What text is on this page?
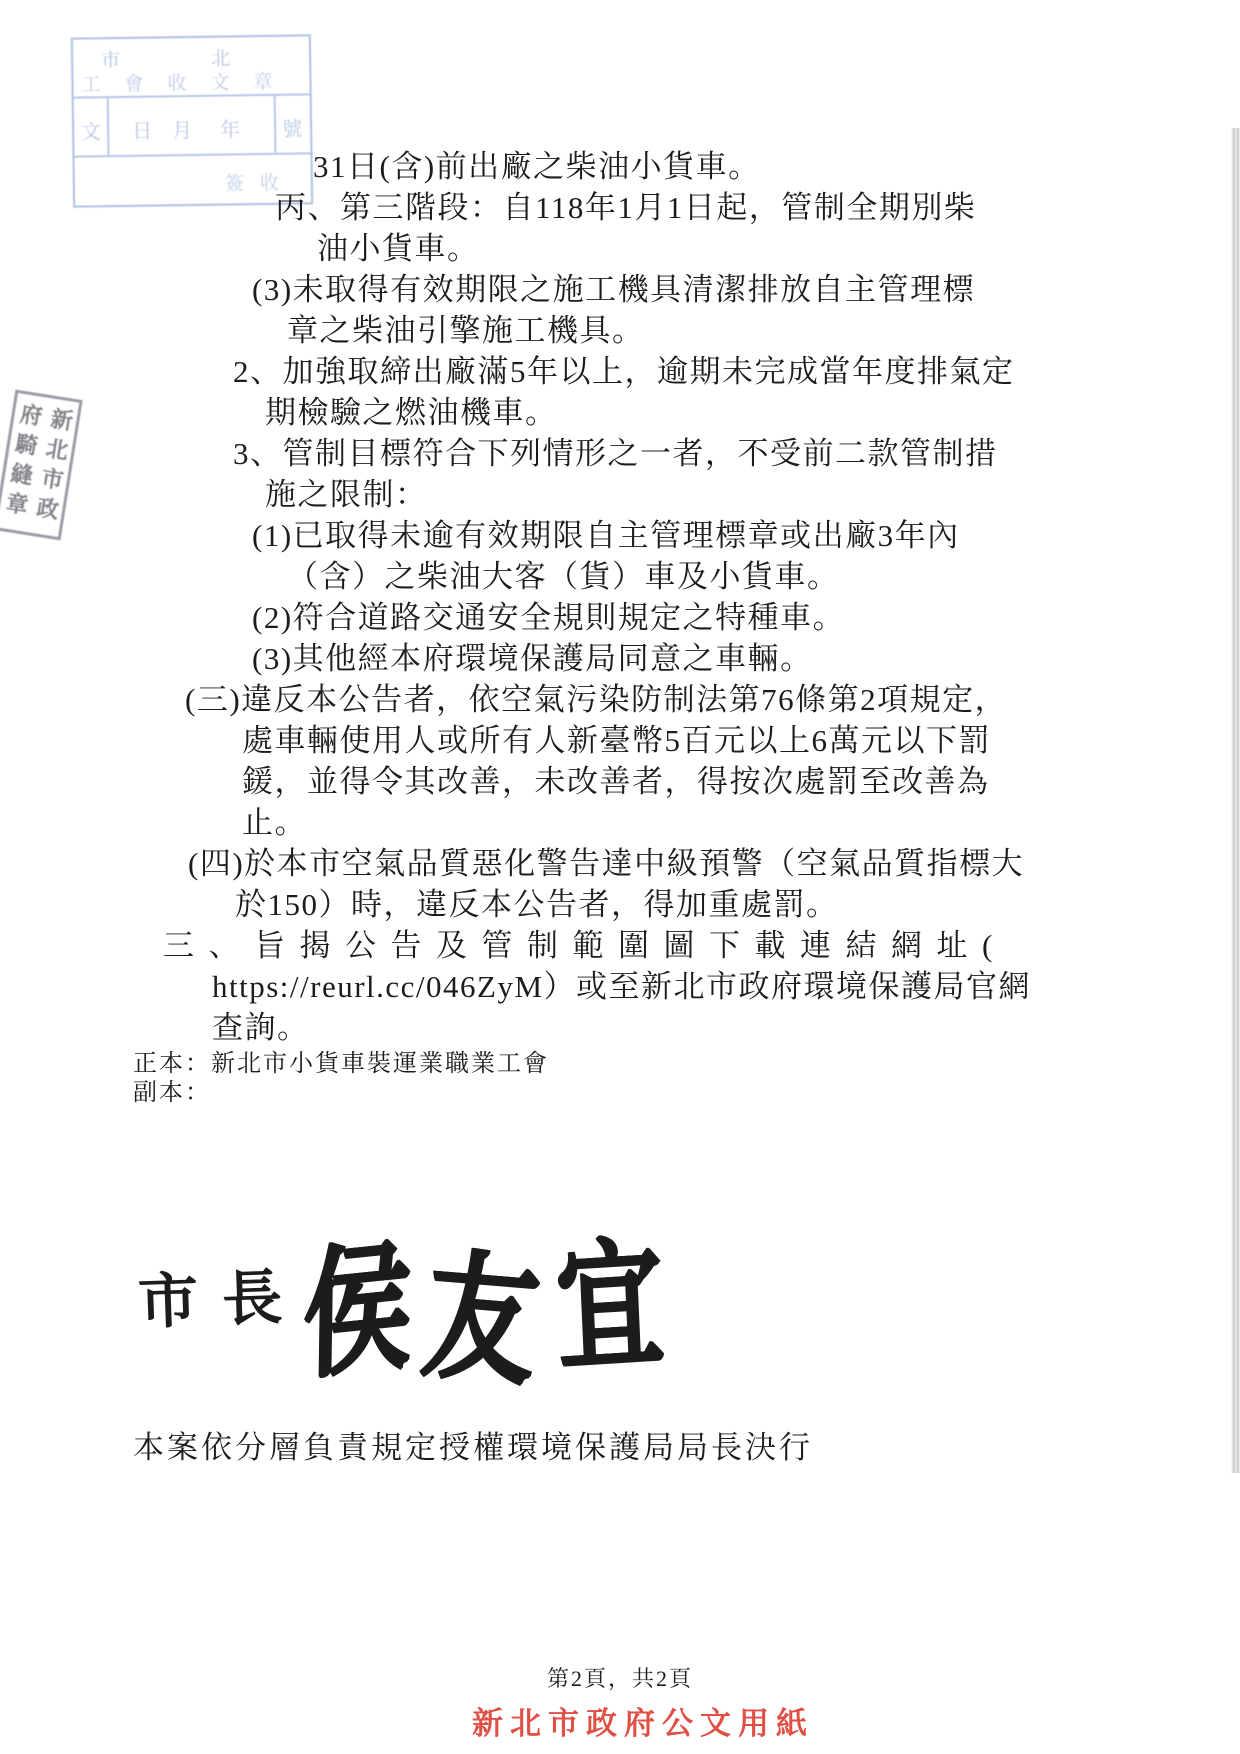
市　北
工會收文章
文 日 月 年 號
簽收
新北市政
府騎縫章
31日(含)前出廠之柴油小貨車。
丙、第三階段：自118年1月1日起，管制全期別柴
油小貨車。
(3)未取得有效期限之施工機具清潔排放自主管理標
章之柴油引擎施工機具。
2、加強取締出廠滿5年以上，逾期未完成當年度排氣定
期檢驗之燃油機車。
3、管制目標符合下列情形之一者，不受前二款管制措
施之限制：
(1)已取得未逾有效期限自主管理標章或出廠3年內
（含）之柴油大客（貨）車及小貨車。
(2)符合道路交通安全規則規定之特種車。
(3)其他經本府環境保護局同意之車輛。
(三)違反本公告者，依空氣污染防制法第76條第2項規定，
處車輛使用人或所有人新臺幣5百元以上6萬元以下罰
鍰，並得令其改善，未改善者，得按次處罰至改善為
止。
(四)於本市空氣品質惡化警告達中級預警（空氣品質指標大
於150）時，違反本公告者，得加重處罰。
三、旨揭公告及管制範圍圖下載連結網址(
https://reurl.cc/046ZyM）或至新北市政府環境保護局官網
查詢。
正本：新北市小貨車裝運業職業工會
副本：
市長
侯友宜
本案依分層負責規定授權環境保護局局長決行
第2頁，共2頁
新北市政府公文用紙
